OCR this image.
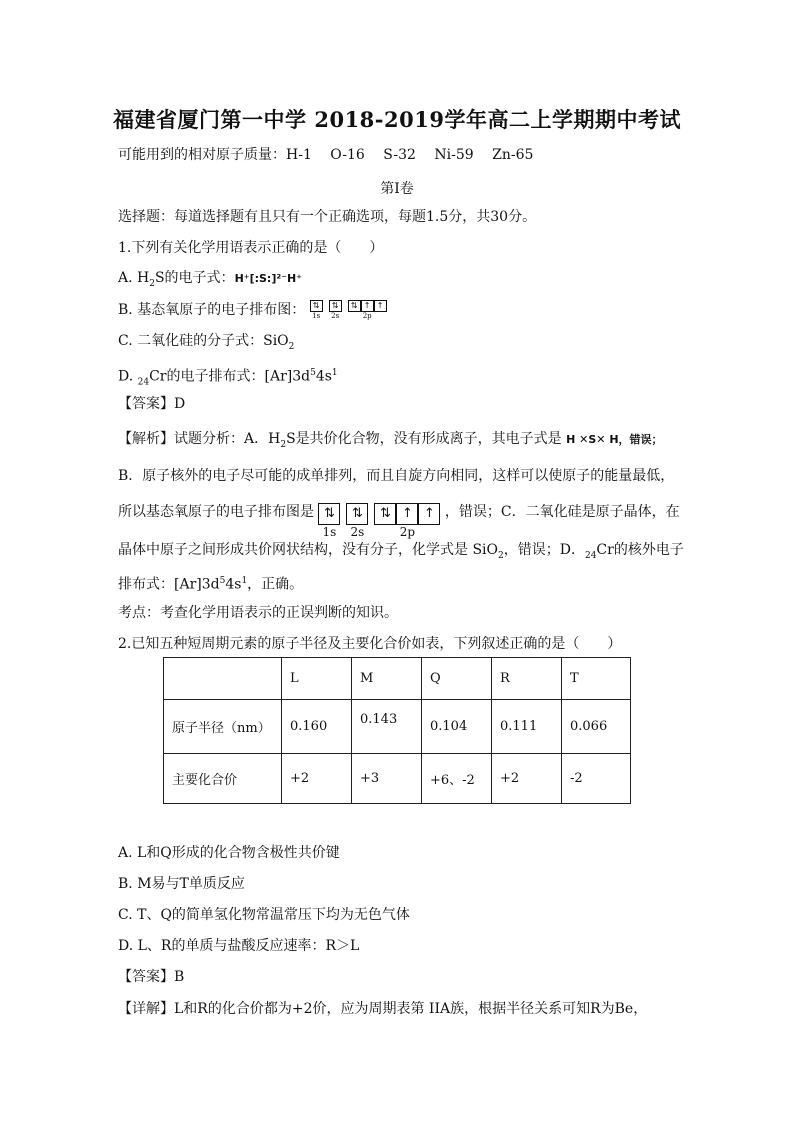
福建省厦门第一中学 2018-2019学年高二上学期期中考试
可能用到的相对原子质量：H-1　 O-16　 S-32　 Ni-59　 Zn-65
第Ⅰ卷
选择题：每道选择题有且只有一个正确选项，每题1.5分，共30分。
1.下列有关化学用语表示正确的是（　　）
A. $H_2S$的电子式：H⁺[:S:]²⁻H⁺
B. 基态氧原子的电子排布图： ⇅
1s
⇅
2s
⇅ ↑ ↑
2p
C. 二氧化硅的分子式：SiO$_2$
D. $_{24}$Cr的电子排布式：$[Ar]3d^54s^1$
【答案】D
【解析】试题分析：A．$H_2S$是共价化合物，没有形成离子，其电子式是 H ✕S✕ H，错误；
B．原子核外的电子尽可能的成单排列，而且自旋方向相同，这样可以使原子的能量最低，
所以基态氧原子的电子排布图是 ⇅
1s
⇅
2s
⇅ ↑ ↑
2p
，错误；C．二氧化硅是原子晶体，在
晶体中原子之间形成共价网状结构，没有分子，化学式是 SiO$_2$，错误；D．$_{24}$Cr的核外电子
排布式：$[Ar]3d^54s^1$，正确。
考点：考查化学用语表示的正误判断的知识。
2.已知五种短周期元素的原子半径及主要化合价如表，下列叙述正确的是（　　）
	L	M	Q	R	T
原子半径（nm）	0.160	0.143	0.104	0.111	0.066
主要化合价	+2	+3	+6、-2	+2	-2
A. L和Q形成的化合物含极性共价键
B. M易与T单质反应
C. T、Q的简单氢化物常温常压下均为无色气体
D. L、R的单质与盐酸反应速率：R＞L
【答案】B
【详解】L和R的化合价都为+2价，应为周期表第 IIA族，根据半径关系可知R为Be，
